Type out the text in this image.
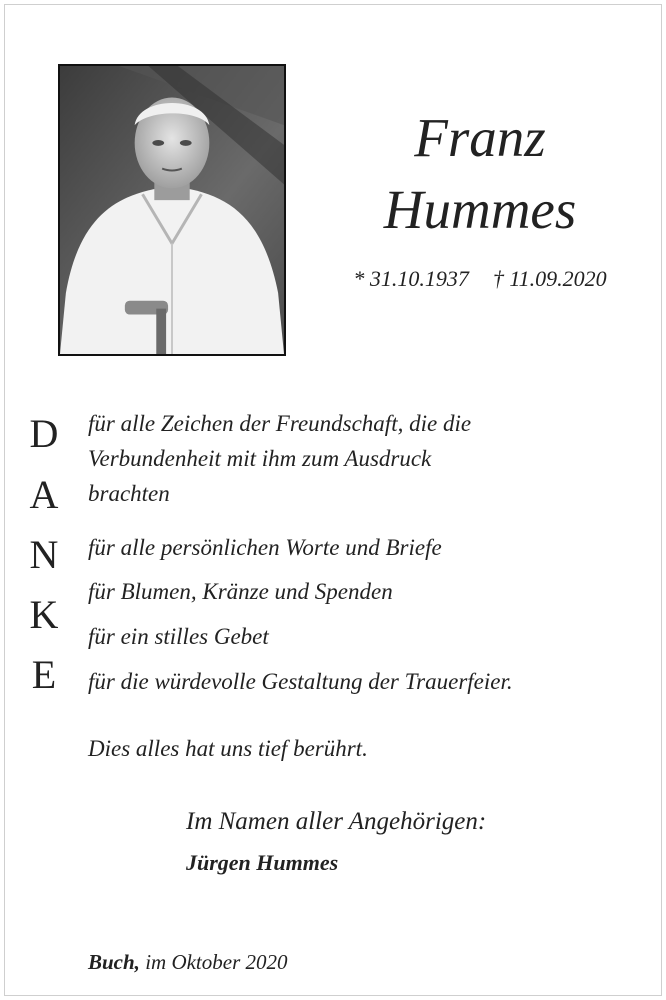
Franz
Hummes
* 31.10.1937 † 11.09.2020
D
A
N
K
E
für alle Zeichen der Freundschaft, die die
Verbundenheit mit ihm zum Ausdruck
brachten
für alle persönlichen Worte und Briefe
für Blumen, Kränze und Spenden
für ein stilles Gebet
für die würdevolle Gestaltung der Trauerfeier.
Dies alles hat uns tief berührt.
Im Namen aller Angehörigen:
Jürgen Hummes
Buch, im Oktober 2020
